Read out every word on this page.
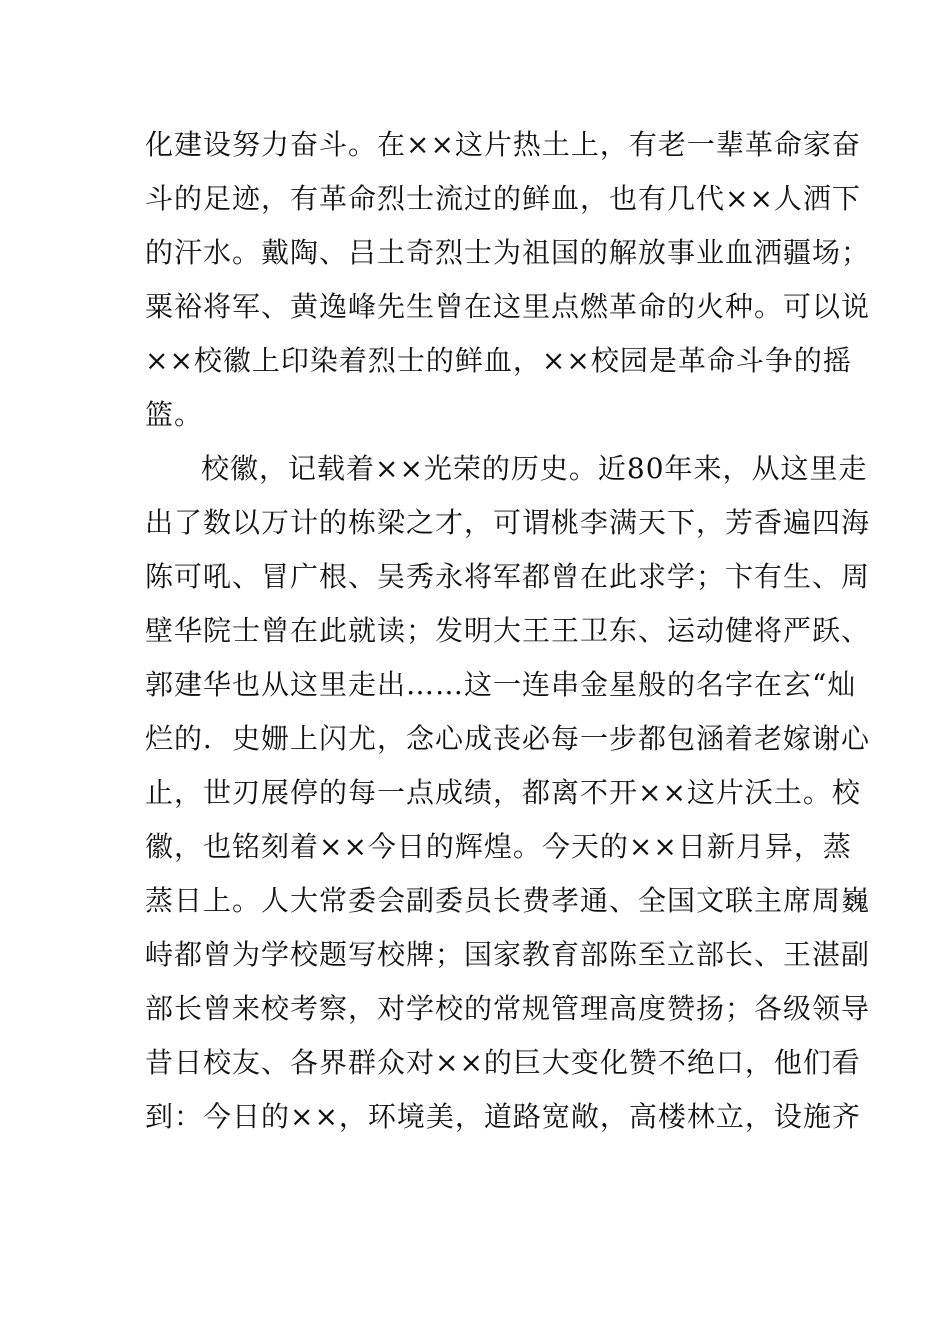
化建设努力奋斗。在××这片热土上，有老一辈革命家奋
斗的足迹，有革命烈士流过的鲜血，也有几代××人洒下
的汗水。戴陶、吕土奇烈士为祖国的解放事业血洒疆场；
粟裕将军、黄逸峰先生曾在这里点燃革命的火种。可以说
××校徽上印染着烈士的鲜血，××校园是革命斗争的摇
篮。
校徽，记载着××光荣的历史。近80年来，从这里走
出了数以万计的栋梁之才，可谓桃李满天下，芳香遍四海
陈可吼、冒广根、吴秀永将军都曾在此求学；卞有生、周
壁华院士曾在此就读；发明大王王卫东、运动健将严跃、
郭建华也从这里走出……这一连串金星般的名字在玄“灿
烂的．史姗上闪尤，念心成丧必每一步都包涵着老嫁谢心
止，世刃展停的每一点成绩，都离不开××这片沃土。校
徽，也铭刻着××今日的辉煌。今天的××日新月异，蒸
蒸日上。人大常委会副委员长费孝通、全国文联主席周巍
峙都曾为学校题写校牌；国家教育部陈至立部长、王湛副
部长曾来校考察，对学校的常规管理高度赞扬；各级领导
昔日校友、各界群众对××的巨大变化赞不绝口，他们看
到：今日的××，环境美，道路宽敞，高楼林立，设施齐
